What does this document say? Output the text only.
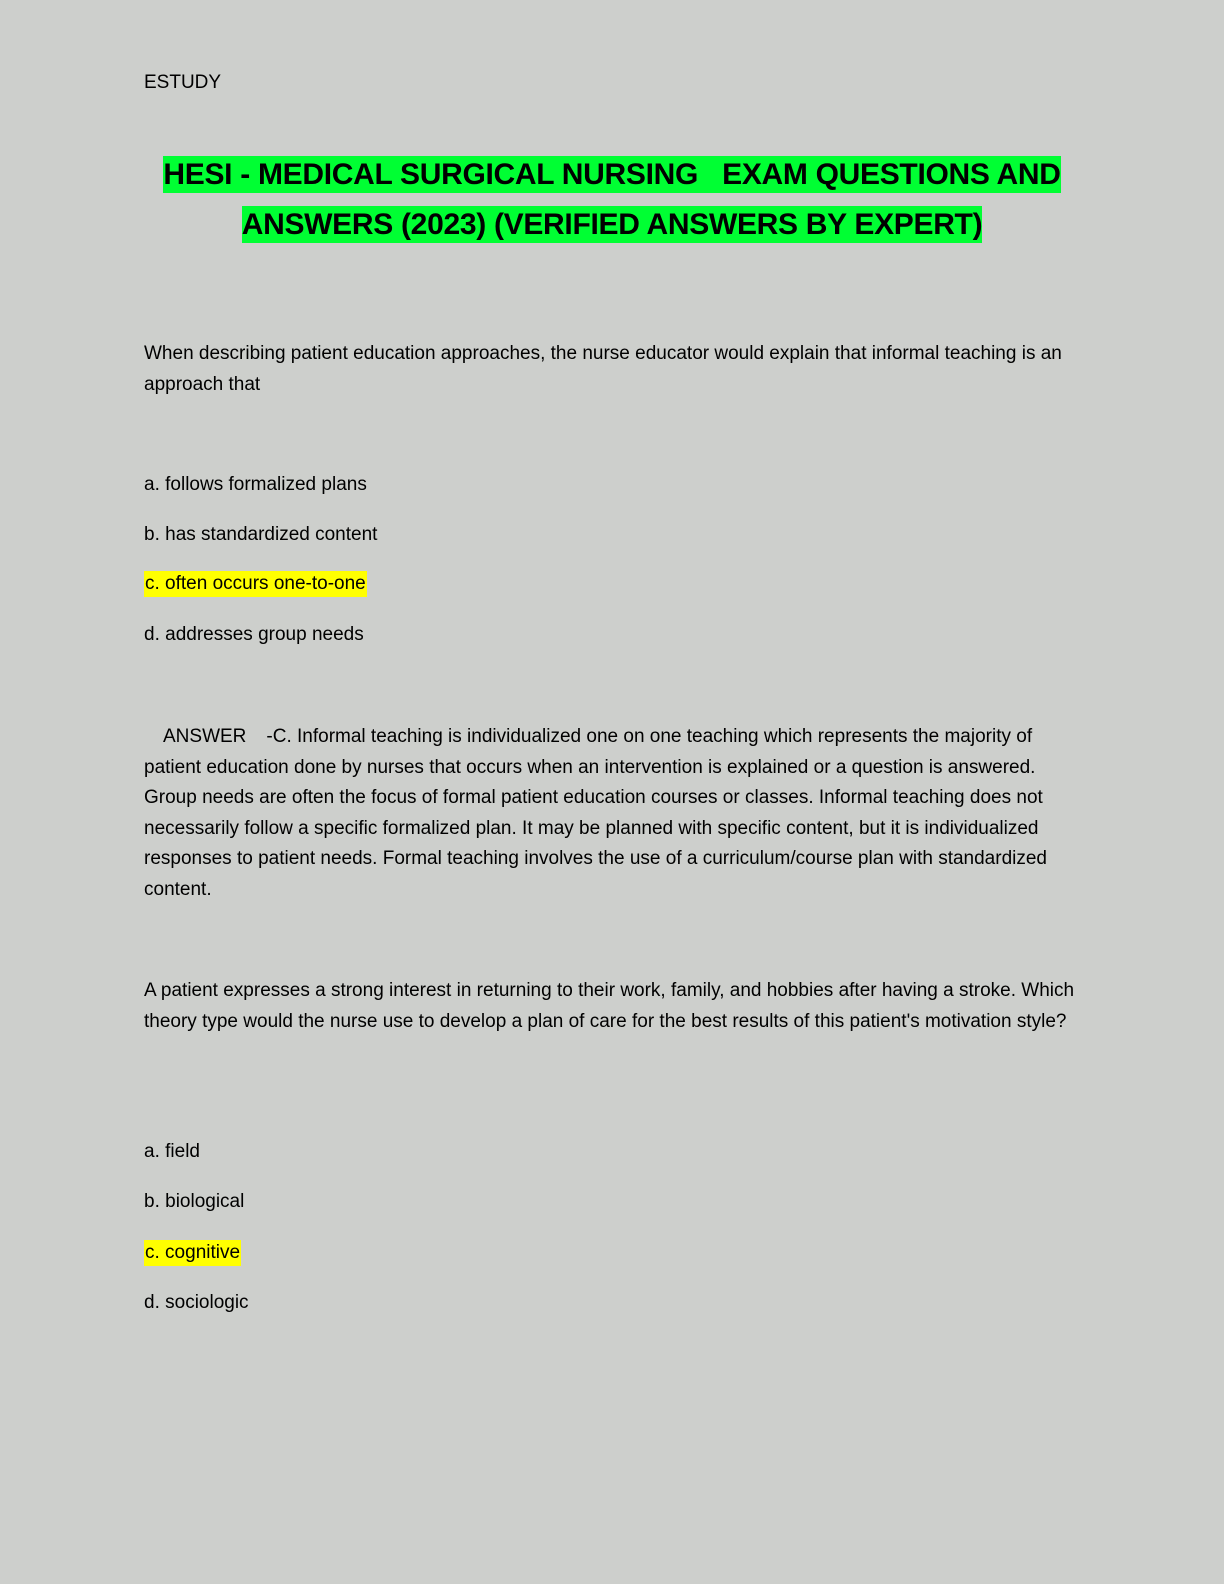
ESTUDY
HESI - MEDICAL SURGICAL NURSING   EXAM QUESTIONS AND
ANSWERS (2023) (VERIFIED ANSWERS BY EXPERT)
When describing patient education approaches, the nurse educator would explain that informal teaching is an approach that
a. follows formalized plans
b. has standardized content
c. often occurs one-to-one
d. addresses group needs
ANSWER -C. Informal teaching is individualized one on one teaching which represents the majority of patient education done by nurses that occurs when an intervention is explained or a question is answered. Group needs are often the focus of formal patient education courses or classes. Informal teaching does not necessarily follow a specific formalized plan. It may be planned with specific content, but it is individualized responses to patient needs. Formal teaching involves the use of a curriculum/course plan with standardized content.
A patient expresses a strong interest in returning to their work, family, and hobbies after having a stroke. Which theory type would the nurse use to develop a plan of care for the best results of this patient's motivation style?
a. field
b. biological
c. cognitive
d. sociologic
